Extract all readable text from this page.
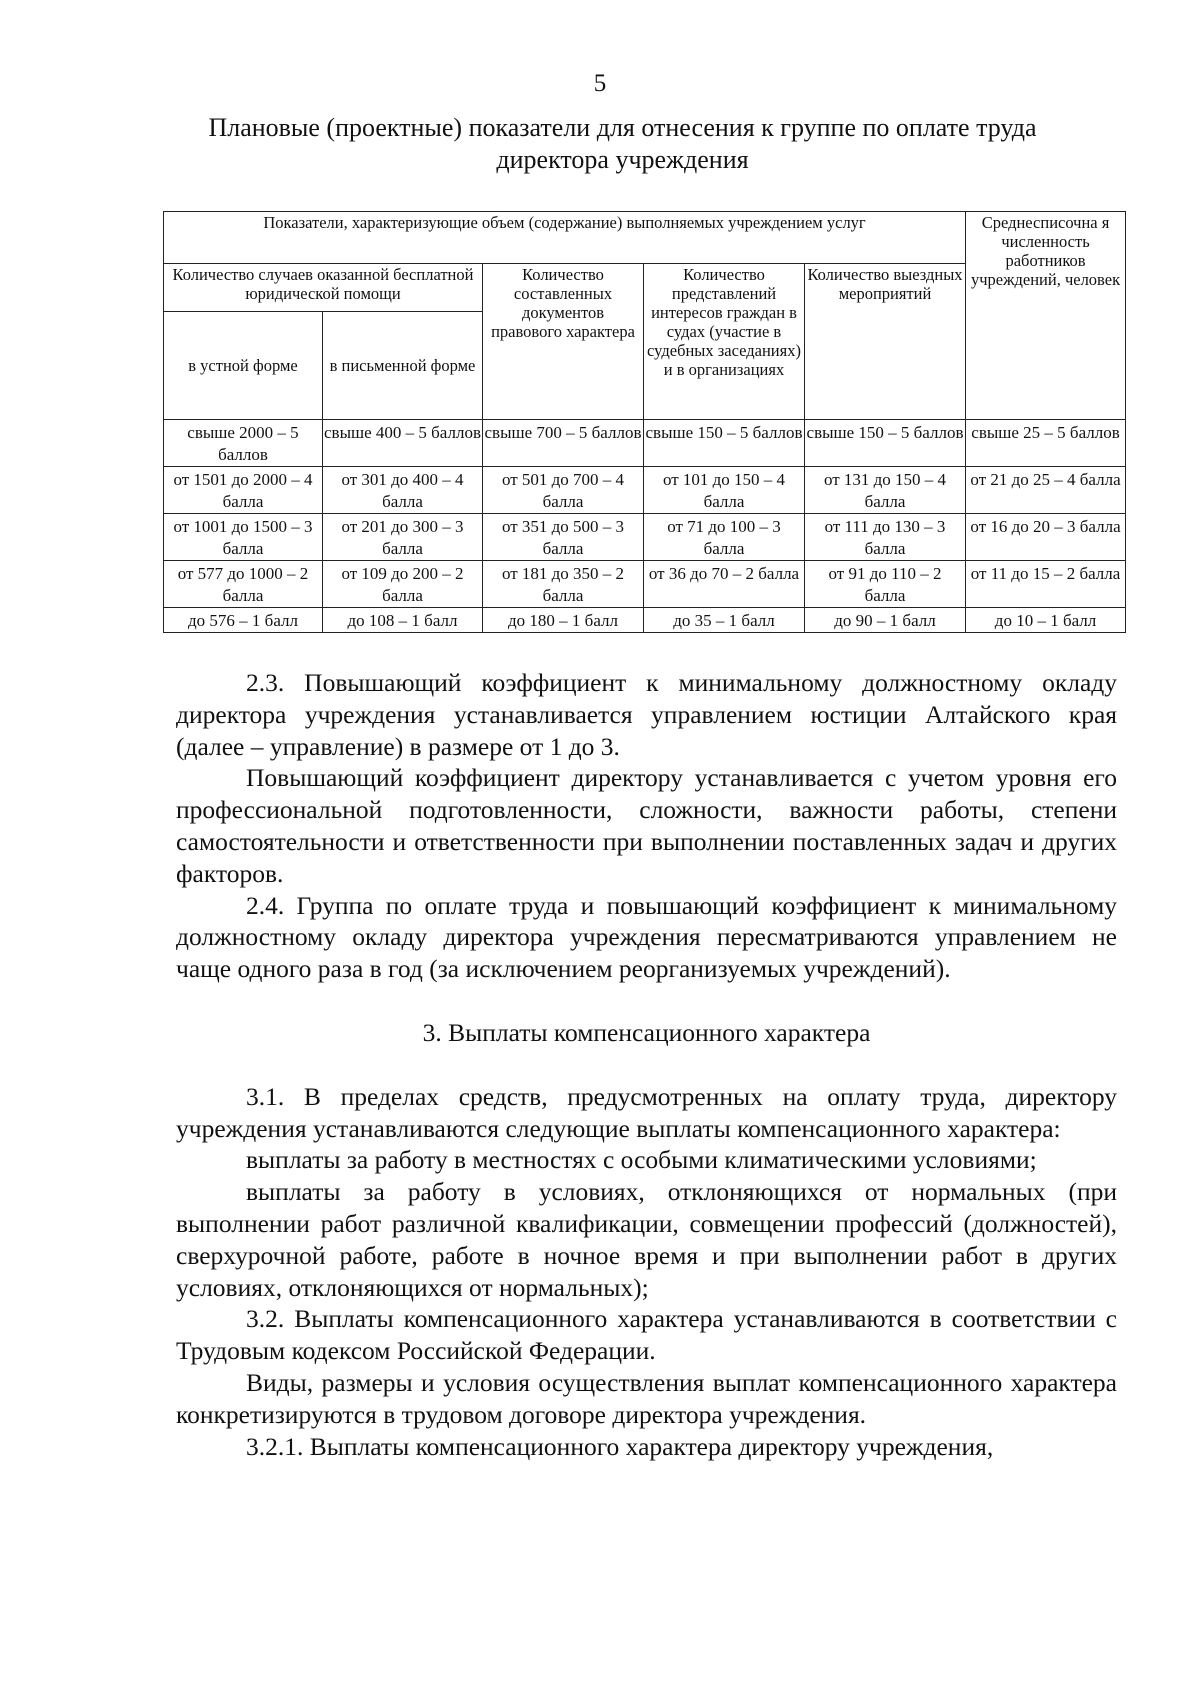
5
Плановые (проектные) показатели для отнесения к группе по оплате труда
директора учреждения
Показатели, характеризующие объем (содержание) выполняемых учреждением услуг					Среднесписочна я численность работников учреждений, человек
Количество случаев оказанной бесплатной юридической помощи		Количество составленных документов правового характера	Количество представлений интересов граждан в судах (участие в судебных заседаниях) и в организациях	Количество выездных мероприятий	
в устной форме	в письменной форме				
свыше 2000 – 5 баллов	свыше 400 – 5 баллов	свыше 700 – 5 баллов	свыше 150 – 5 баллов	свыше 150 – 5 баллов	свыше 25 – 5 баллов
от 1501 до 2000 – 4 балла	от 301 до 400 – 4 балла	от 501 до 700 – 4 балла	от 101 до 150 – 4 балла	от 131 до 150 – 4 балла	от 21 до 25 – 4 балла
от 1001 до 1500 – 3 балла	от 201 до 300 – 3 балла	от 351 до 500 – 3 балла	от 71 до 100 – 3 балла	от 111 до 130 – 3 балла	от 16 до 20 – 3 балла
от 577 до 1000 – 2 балла	от 109 до 200 – 2 балла	от 181 до 350 – 2 балла	от 36 до 70 – 2 балла	от 91 до 110 – 2 балла	от 11 до 15 – 2 балла
до 576 – 1 балл	до 108 – 1 балл	до 180 – 1 балл	до 35 – 1 балл	до 90 – 1 балл	до 10 – 1 балл

2.3. Повышающий коэффициент к минимальному должностному окладу директора учреждения устанавливается управлением юстиции Алтайского края (далее – управление) в размере от 1 до 3.

Повышающий коэффициент директору устанавливается с учетом уровня его профессиональной подготовленности, сложности, важности работы, степени самостоятельности и ответственности при выполнении поставленных задач и других факторов.

2.4. Группа по оплате труда и повышающий коэффициент к минимальному должностному окладу директора учреждения пересматриваются управлением не чаще одного раза в год (за исключением реорганизуемых учреждений).

3. Выплаты компенсационного характера

3.1. В пределах средств, предусмотренных на оплату труда, директору учреждения устанавливаются следующие выплаты компенсационного характера:

выплаты за работу в местностях с особыми климатическими условиями;

выплаты за работу в условиях, отклоняющихся от нормальных (при выполнении работ различной квалификации, совмещении профессий (должностей), сверхурочной работе, работе в ночное время и при выполнении работ в других условиях, отклоняющихся от нормальных);

3.2. Выплаты компенсационного характера устанавливаются в соответствии с Трудовым кодексом Российской Федерации.

Виды, размеры и условия осуществления выплат компенсационного характера конкретизируются в трудовом договоре директора учреждения.

3.2.1. Выплаты компенсационного характера директору учреждения,
